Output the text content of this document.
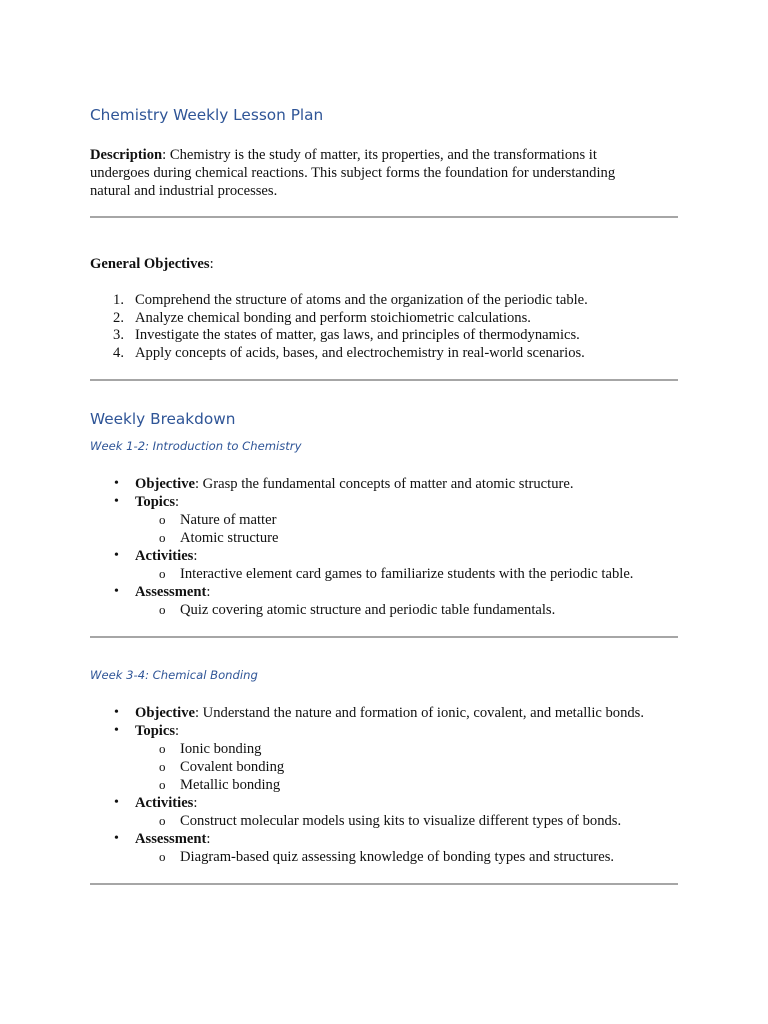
Chemistry Weekly Lesson Plan
Description: Chemistry is the study of matter, its properties, and the transformations it
undergoes during chemical reactions. This subject forms the foundation for understanding
natural and industrial processes.
General Objectives:
1. Comprehend the structure of atoms and the organization of the periodic table.
2. Analyze chemical bonding and perform stoichiometric calculations.
3. Investigate the states of matter, gas laws, and principles of thermodynamics.
4. Apply concepts of acids, bases, and electrochemistry in real-world scenarios.
Weekly Breakdown
Week 1-2: Introduction to Chemistry
• Objective: Grasp the fundamental concepts of matter and atomic structure.
• Topics:
o Nature of matter
o Atomic structure
• Activities:
o Interactive element card games to familiarize students with the periodic table.
• Assessment:
o Quiz covering atomic structure and periodic table fundamentals.
Week 3-4: Chemical Bonding
• Objective: Understand the nature and formation of ionic, covalent, and metallic bonds.
• Topics:
o Ionic bonding
o Covalent bonding
o Metallic bonding
• Activities:
o Construct molecular models using kits to visualize different types of bonds.
• Assessment:
o Diagram-based quiz assessing knowledge of bonding types and structures.
